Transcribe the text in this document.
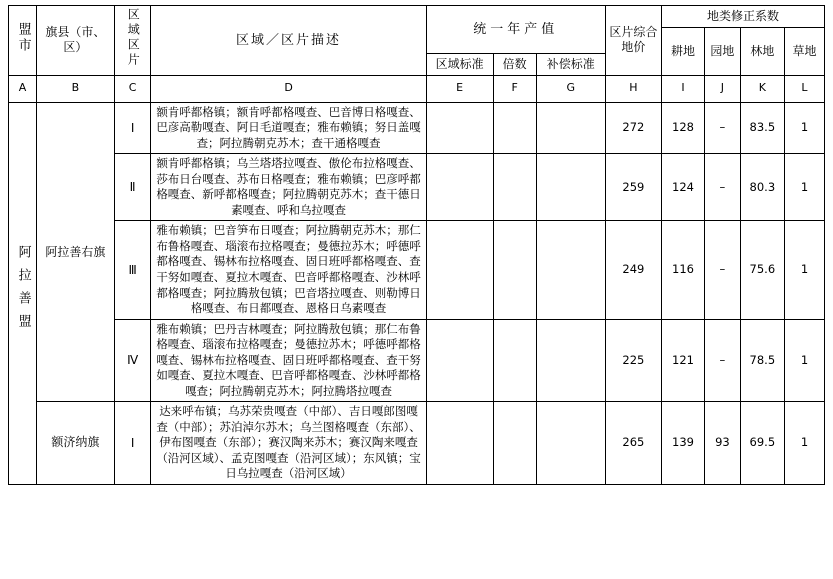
盟市	旗县（市、区）	区域区片	区域／区片描述	统一年产值			区片综合地价	地类修正系数			
								耕地	园地	林地	草地
				区域标准	倍数	补偿标准					
A	B	C	D	E	F	G	H	I	J	K	L
阿拉善盟	阿拉善右旗	Ⅰ	额肯呼都格镇；额肯呼都格嘎查、巴音博日格嘎查、巴彦高勒嘎查、阿日毛道嘎查；雅布赖镇；努日盖嘎查；阿拉腾朝克苏木；查干通格嘎查				272	128	–	83.5	1
		Ⅱ	额肯呼都格镇；乌兰塔塔拉嘎查、傲伦布拉格嘎查、莎布日台嘎查、苏布日格嘎查；雅布赖镇；巴彦呼都格嘎查、新呼都格嘎查；阿拉腾朝克苏木；查干德日素嘎查、呼和乌拉嘎查				259	124	–	80.3	1
		Ⅲ	雅布赖镇；巴音笋布日嘎查；阿拉腾朝克苏木；那仁布鲁格嘎查、瑙滚布拉格嘎查；曼德拉苏木；呼德呼都格嘎查、锡林布拉格嘎查、固日班呼都格嘎查、查干努如嘎查、夏拉木嘎查、巴音呼都格嘎查、沙林呼都格嘎查；阿拉腾敖包镇；巴音塔拉嘎查、则勒博日格嘎查、布日都嘎查、恩格日乌素嘎查				249	116	–	75.6	1
		Ⅳ	雅布赖镇；巴丹吉林嘎查；阿拉腾敖包镇；那仁布鲁格嘎查、瑙滚布拉格嘎查；曼德拉苏木；呼德呼都格嘎查、锡林布拉格嘎查、固日班呼都格嘎查、查干努如嘎查、夏拉木嘎查、巴音呼都格嘎查、沙林呼都格嘎查；阿拉腾朝克苏木；阿拉腾塔拉嘎查				225	121	–	78.5	1
	额济纳旗	Ⅰ	达来呼布镇；乌苏荣贵嘎查（中部）、吉日嘎郎图嘎查（中部）；苏泊淖尔苏木；乌兰图格嘎查（东部）、伊布图嘎查（东部）；赛汉陶来苏木；赛汉陶来嘎查（沿河区域）、孟克图嘎查（沿河区域）；东风镇；宝日乌拉嘎查（沿河区域）				265	139	93	69.5	1
